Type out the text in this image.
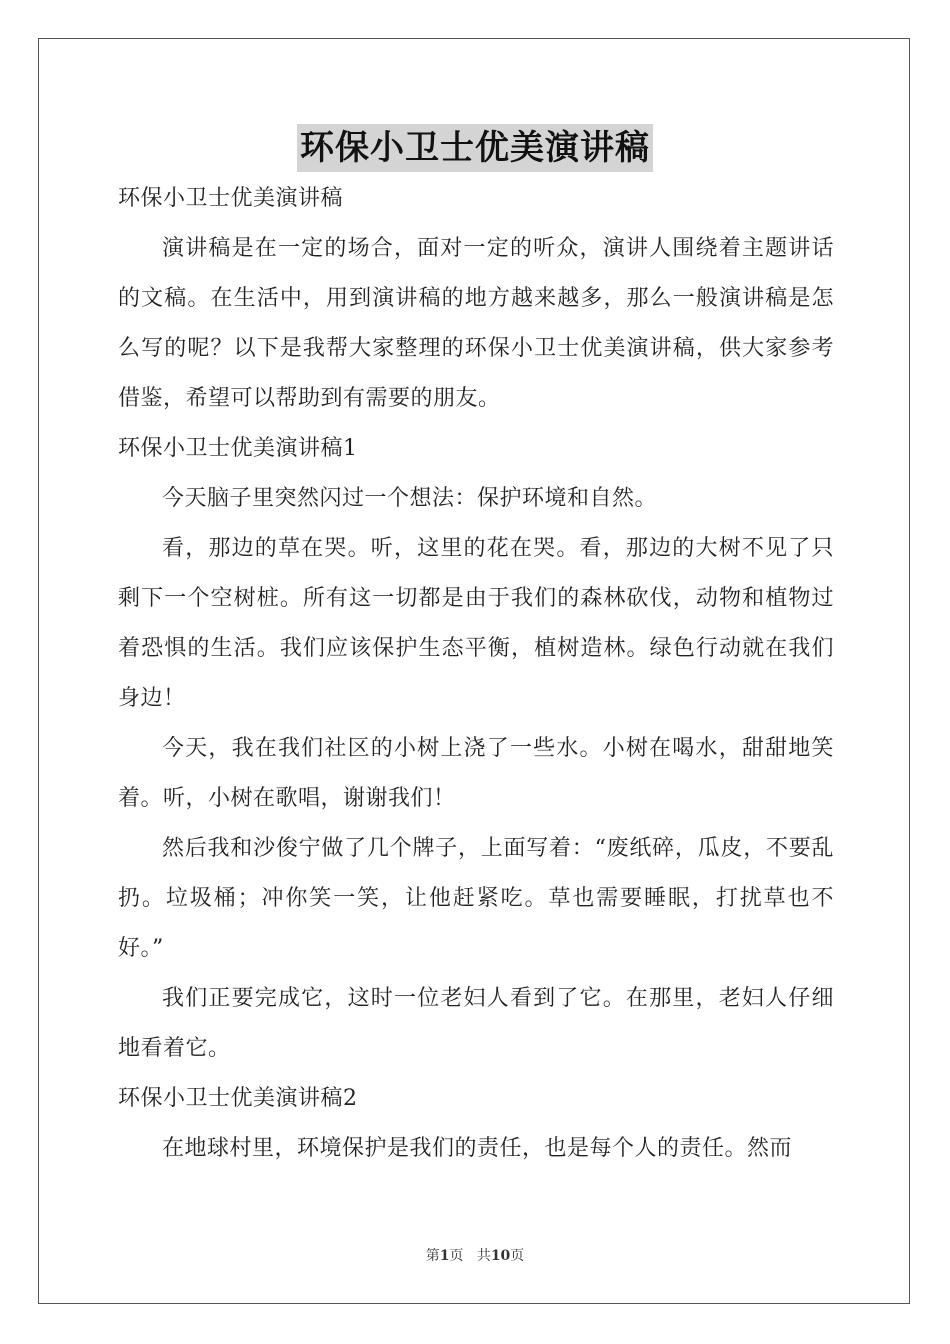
环保小卫士优美演讲稿

环保小卫士优美演讲稿

演讲稿是在一定的场合，面对一定的听众，演讲人围绕着主题讲话的文稿。在生活中，用到演讲稿的地方越来越多，那么一般演讲稿是怎么写的呢？以下是我帮大家整理的环保小卫士优美演讲稿，供大家参考借鉴，希望可以帮助到有需要的朋友。

环保小卫士优美演讲稿1

今天脑子里突然闪过一个想法：保护环境和自然。

看，那边的草在哭。听，这里的花在哭。看，那边的大树不见了只剩下一个空树桩。所有这一切都是由于我们的森林砍伐，动物和植物过着恐惧的生活。我们应该保护生态平衡，植树造林。绿色行动就在我们身边！

今天，我在我们社区的小树上浇了一些水。小树在喝水，甜甜地笑着。听，小树在歌唱，谢谢我们！

然后我和沙俊宁做了几个牌子，上面写着：“废纸碎，瓜皮，不要乱扔。垃圾桶；冲你笑一笑，让他赶紧吃。草也需要睡眠，打扰草也不好。”

我们正要完成它，这时一位老妇人看到了它。在那里，老妇人仔细地看着它。

环保小卫士优美演讲稿2

在地球村里，环境保护是我们的责任，也是每个人的责任。然而

第1页 共10页
